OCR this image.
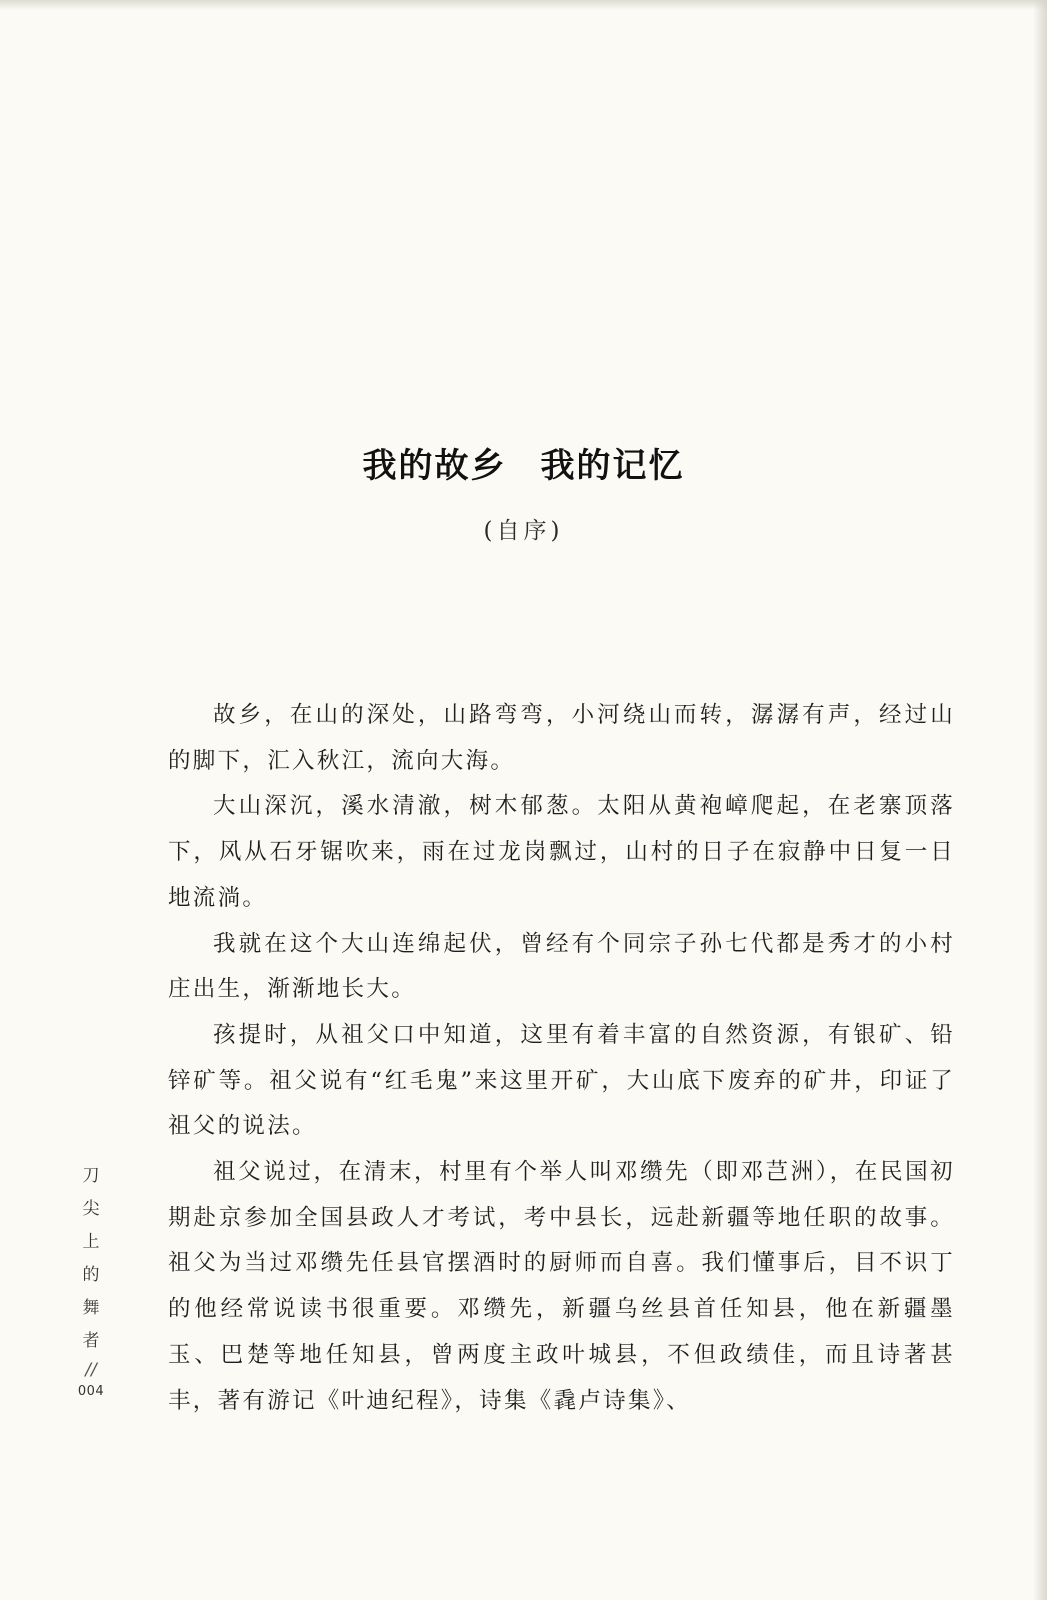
我的故乡 我的记忆
(自序)

故乡，在山的深处，山路弯弯，小河绕山而转，潺潺有声，经过山的脚下，汇入秋江，流向大海。

大山深沉，溪水清澈，树木郁葱。太阳从黄袍嶂爬起，在老寨顶落下，风从石牙锯吹来，雨在过龙岗飘过，山村的日子在寂静中日复一日地流淌。

我就在这个大山连绵起伏，曾经有个同宗子孙七代都是秀才的小村庄出生，渐渐地长大。

孩提时，从祖父口中知道，这里有着丰富的自然资源，有银矿、铅锌矿等。祖父说有“红毛鬼”来这里开矿，大山底下废弃的矿井，印证了祖父的说法。

祖父说过，在清末，村里有个举人叫邓缵先（即邓芑洲），在民国初期赴京参加全国县政人才考试，考中县长，远赴新疆等地任职的故事。祖父为当过邓缵先任县官摆酒时的厨师而自喜。我们懂事后，目不识丁的他经常说读书很重要。邓缵先，新疆乌丝县首任知县，他在新疆墨玉、巴楚等地任知县，曾两度主政叶城县，不但政绩佳，而且诗著甚丰，著有游记《叶迪纪程》，诗集《毳卢诗集》、

刀
尖
上
的
舞
者
//
004
